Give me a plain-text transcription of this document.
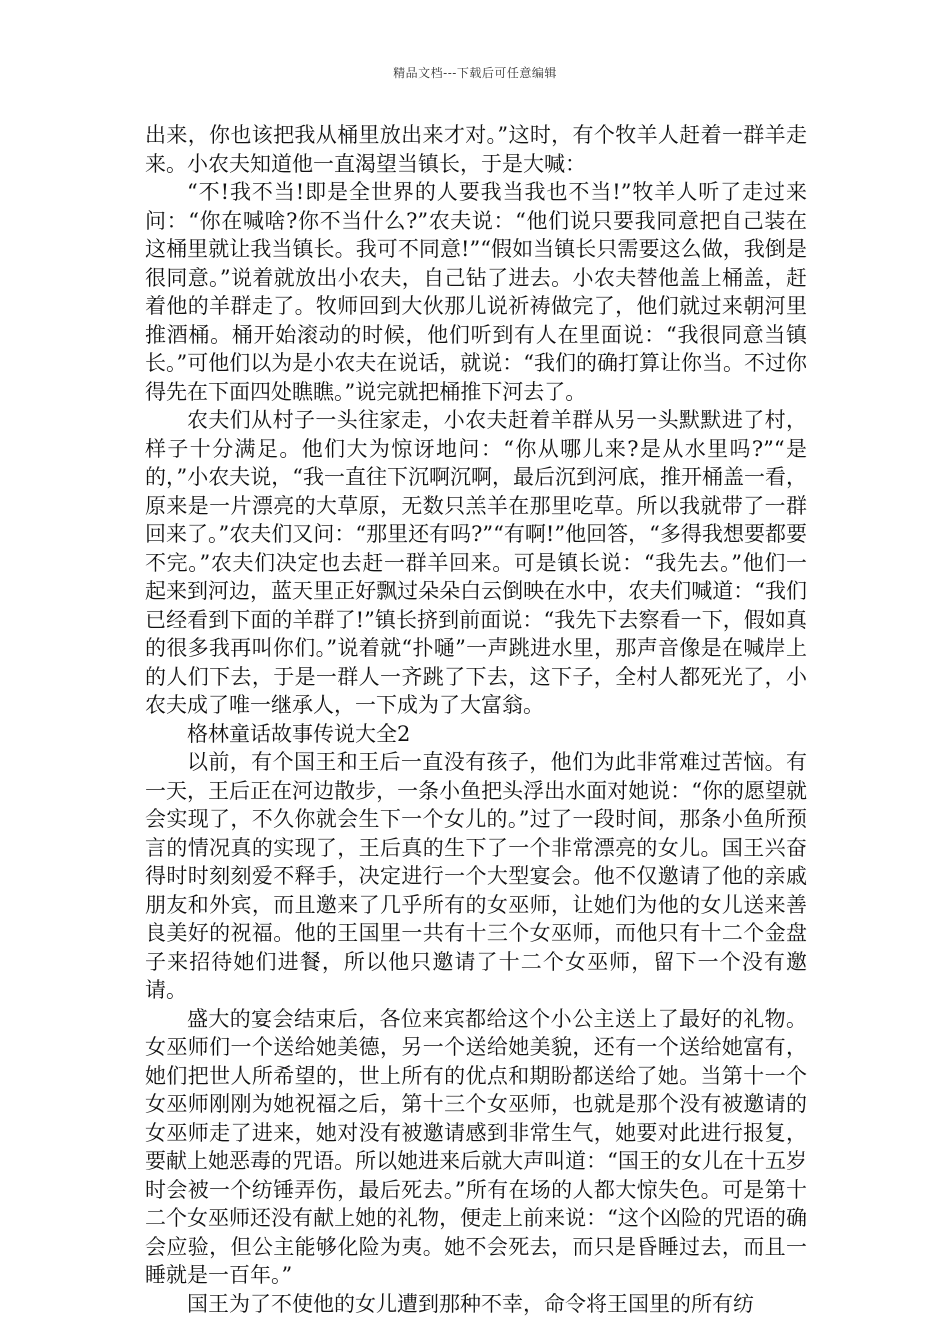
精品文档---下载后可任意编辑

出来，你也该把我从桶里放出来才对。”这时，有个牧羊人赶着一群羊走来。小农夫知道他一直渴望当镇长，于是大喊：

“不!我不当!即是全世界的人要我当我也不当!”牧羊人听了走过来问：“你在喊啥?你不当什么?”农夫说：“他们说只要我同意把自己装在这桶里就让我当镇长。我可不同意!”“假如当镇长只需要这么做，我倒是很同意。”说着就放出小农夫，自己钻了进去。小农夫替他盖上桶盖，赶着他的羊群走了。牧师回到大伙那儿说祈祷做完了，他们就过来朝河里推酒桶。桶开始滚动的时候，他们听到有人在里面说：“我很同意当镇长。”可他们以为是小农夫在说话，就说：“我们的确打算让你当。不过你得先在下面四处瞧瞧。”说完就把桶推下河去了。

农夫们从村子一头往家走，小农夫赶着羊群从另一头默默进了村，样子十分满足。他们大为惊讶地问：“你从哪儿来?是从水里吗?”“是的，”小农夫说，“我一直往下沉啊沉啊，最后沉到河底，推开桶盖一看，原来是一片漂亮的大草原，无数只羔羊在那里吃草。所以我就带了一群回来了。”农夫们又问：“那里还有吗?”“有啊!”他回答，“多得我想要都要不完。”农夫们决定也去赶一群羊回来。可是镇长说：“我先去。”他们一起来到河边，蓝天里正好飘过朵朵白云倒映在水中，农夫们喊道：“我们已经看到下面的羊群了!”镇长挤到前面说：“我先下去察看一下，假如真的很多我再叫你们。”说着就“扑嗵”一声跳进水里，那声音像是在喊岸上的人们下去，于是一群人一齐跳了下去，这下子，全村人都死光了，小农夫成了唯一继承人，一下成为了大富翁。

格林童话故事传说大全2

以前，有个国王和王后一直没有孩子，他们为此非常难过苦恼。有一天，王后正在河边散步，一条小鱼把头浮出水面对她说：“你的愿望就会实现了，不久你就会生下一个女儿的。”过了一段时间，那条小鱼所预言的情况真的实现了，王后真的生下了一个非常漂亮的女儿。国王兴奋得时时刻刻爱不释手，决定进行一个大型宴会。他不仅邀请了他的亲戚朋友和外宾，而且邀来了几乎所有的女巫师，让她们为他的女儿送来善良美好的祝福。他的王国里一共有十三个女巫师，而他只有十二个金盘子来招待她们进餐，所以他只邀请了十二个女巫师，留下一个没有邀请。

盛大的宴会结束后，各位来宾都给这个小公主送上了最好的礼物。女巫师们一个送给她美德，另一个送给她美貌，还有一个送给她富有，她们把世人所希望的，世上所有的优点和期盼都送给了她。当第十一个女巫师刚刚为她祝福之后，第十三个女巫师，也就是那个没有被邀请的女巫师走了进来，她对没有被邀请感到非常生气，她要对此进行报复，要献上她恶毒的咒语。所以她进来后就大声叫道：“国王的女儿在十五岁时会被一个纺锤弄伤，最后死去。”所有在场的人都大惊失色。可是第十二个女巫师还没有献上她的礼物，便走上前来说：“这个凶险的咒语的确会应验，但公主能够化险为夷。她不会死去，而只是昏睡过去，而且一睡就是一百年。”

国王为了不使他的女儿遭到那种不幸，命令将王国里的所有纺
